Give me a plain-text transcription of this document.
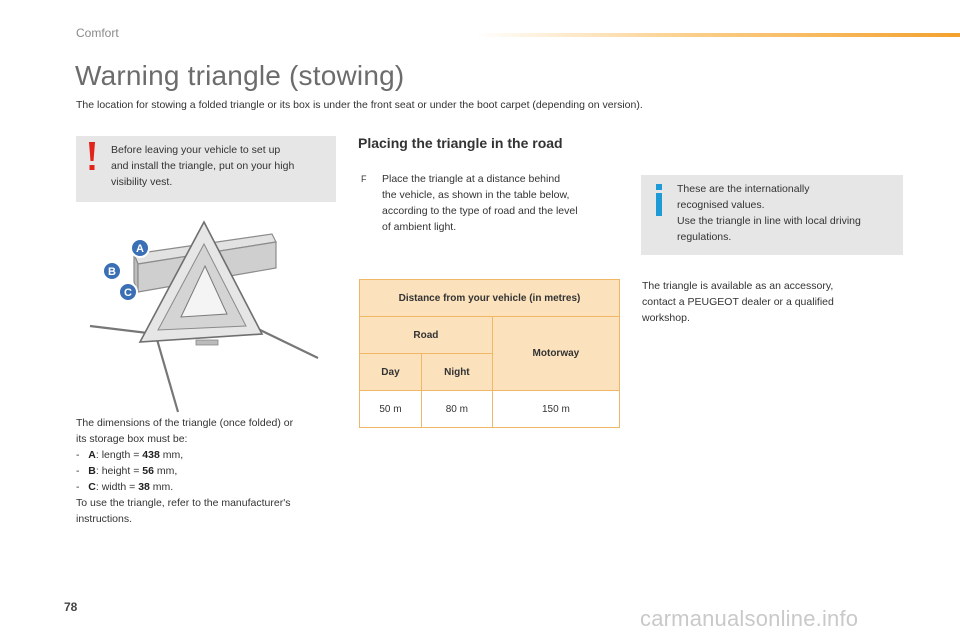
Comfort
Warning triangle (stowing)
The location for stowing a folded triangle or its box is under the front seat or under the boot carpet (depending on version).
Before leaving your vehicle to set up
and install the triangle, put on your high
visibility vest.
A
B
C
The dimensions of the triangle (once folded) or
its storage box must be:
- A: length = 438 mm,
- B: height = 56 mm,
- C: width = 38 mm.
To use the triangle, refer to the manufacturer's
instructions.
Placing the triangle in the road
F Place the triangle at a distance behind
the vehicle, as shown in the table below,
according to the type of road and the level
of ambient light.
Distance from your vehicle (in metres)		
Road		Motorway
Day	Night	
50 m	80 m	150 m
These are the internationally
recognised values.
Use the triangle in line with local driving
regulations.
The triangle is available as an accessory,
contact a PEUGEOT dealer or a qualified
workshop.
78	carmanualsonline.info
